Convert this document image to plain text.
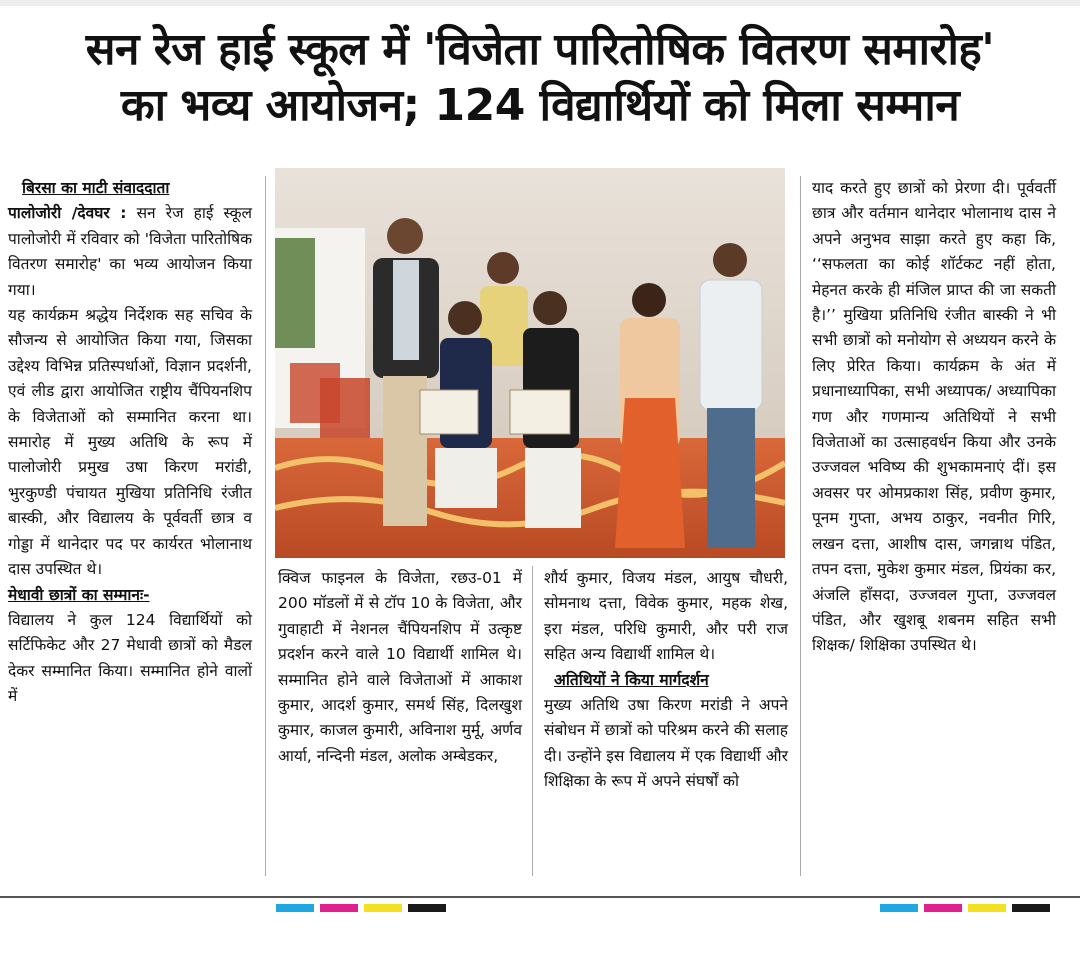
सन रेज हाई स्कूल में 'विजेता पारितोषिक वितरण समारोह'
का भव्य आयोजन; 124 विद्यार्थियों को मिला सम्मान
बिरसा का माटी संवाददाता

पालोजोरी /देवघर : सन रेज हाई स्कूल पालोजोरी में रविवार को 'विजेता पारितोषिक वितरण समारोह' का भव्य आयोजन किया गया।

यह कार्यक्रम श्रद्धेय निर्देशक सह सचिव के सौजन्य से आयोजित किया गया, जिसका उद्देश्य विभिन्न प्रतिस्पर्धाओं, विज्ञान प्रदर्शनी, एवं लीड द्वारा आयोजित राष्ट्रीय चैंपियनशिप के विजेताओं को सम्मानित करना था। समारोह में मुख्य अतिथि के रूप में पालोजोरी प्रमुख उषा किरण मरांडी, भुरकुण्डी पंचायत मुखिया प्रतिनिधि रंजीत बास्की, और विद्यालय के पूर्ववर्ती छात्र व गोड्डा में थानेदार पद पर कार्यरत भोलानाथ दास उपस्थित थे।

मेधावी छात्रों का सम्मानः-

विद्यालय ने कुल 124 विद्यार्थियों को सर्टिफिकेट और 27 मेधावी छात्रों को मैडल देकर सम्मानित किया। सम्मानित होने वालों में

क्विज फाइनल के विजेता, रछउ-01 में 200 मॉडलों में से टॉप 10 के विजेता, और गुवाहाटी में नेशनल चैंपियनशिप में उत्कृष्ट प्रदर्शन करने वाले 10 विद्यार्थी शामिल थे। सम्मानित होने वाले विजेताओं में आकाश कुमार, आदर्श कुमार, समर्थ सिंह, दिलखुश कुमार, काजल कुमारी, अविनाश मुर्मू, अर्णव आर्या, नन्दिनी मंडल, अलोक अम्बेडकर,

शौर्य कुमार, विजय मंडल, आयुष चौधरी, सोमनाथ दत्ता, विवेक कुमार, महक शेख, इरा मंडल, परिधि कुमारी, और परी राज सहित अन्य विद्यार्थी शामिल थे।

अतिथियों ने किया मार्गदर्शन

मुख्य अतिथि उषा किरण मरांडी ने अपने संबोधन में छात्रों को परिश्रम करने की सलाह दी। उन्होंने इस विद्यालय में एक विद्यार्थी और शिक्षिका के रूप में अपने संघर्षों को

याद करते हुए छात्रों को प्रेरणा दी। पूर्ववर्ती छात्र और वर्तमान थानेदार भोलानाथ दास ने अपने अनुभव साझा करते हुए कहा कि, ‘‘सफलता का कोई शॉर्टकट नहीं होता, मेहनत करके ही मंजिल प्राप्त की जा सकती है।’’ मुखिया प्रतिनिधि रंजीत बास्की ने भी सभी छात्रों को मनोयोग से अध्ययन करने के लिए प्रेरित किया। कार्यक्रम के अंत में प्रधानाध्यापिका, सभी अध्यापक/ अध्यापिका गण और गणमान्य अतिथियों ने सभी विजेताओं का उत्साहवर्धन किया और उनके उज्जवल भविष्य की शुभकामनाएं दीं। इस अवसर पर ओमप्रकाश सिंह, प्रवीण कुमार, पूनम गुप्ता, अभय ठाकुर, नवनीत गिरि, लखन दत्ता, आशीष दास, जगन्नाथ पंडित, तपन दत्ता, मुकेश कुमार मंडल, प्रियंका कर, अंजलि हाँसदा, उज्जवल गुप्ता, उज्जवल पंडित, और खुशबू शबनम सहित सभी शिक्षक/ शिक्षिका उपस्थित थे।
